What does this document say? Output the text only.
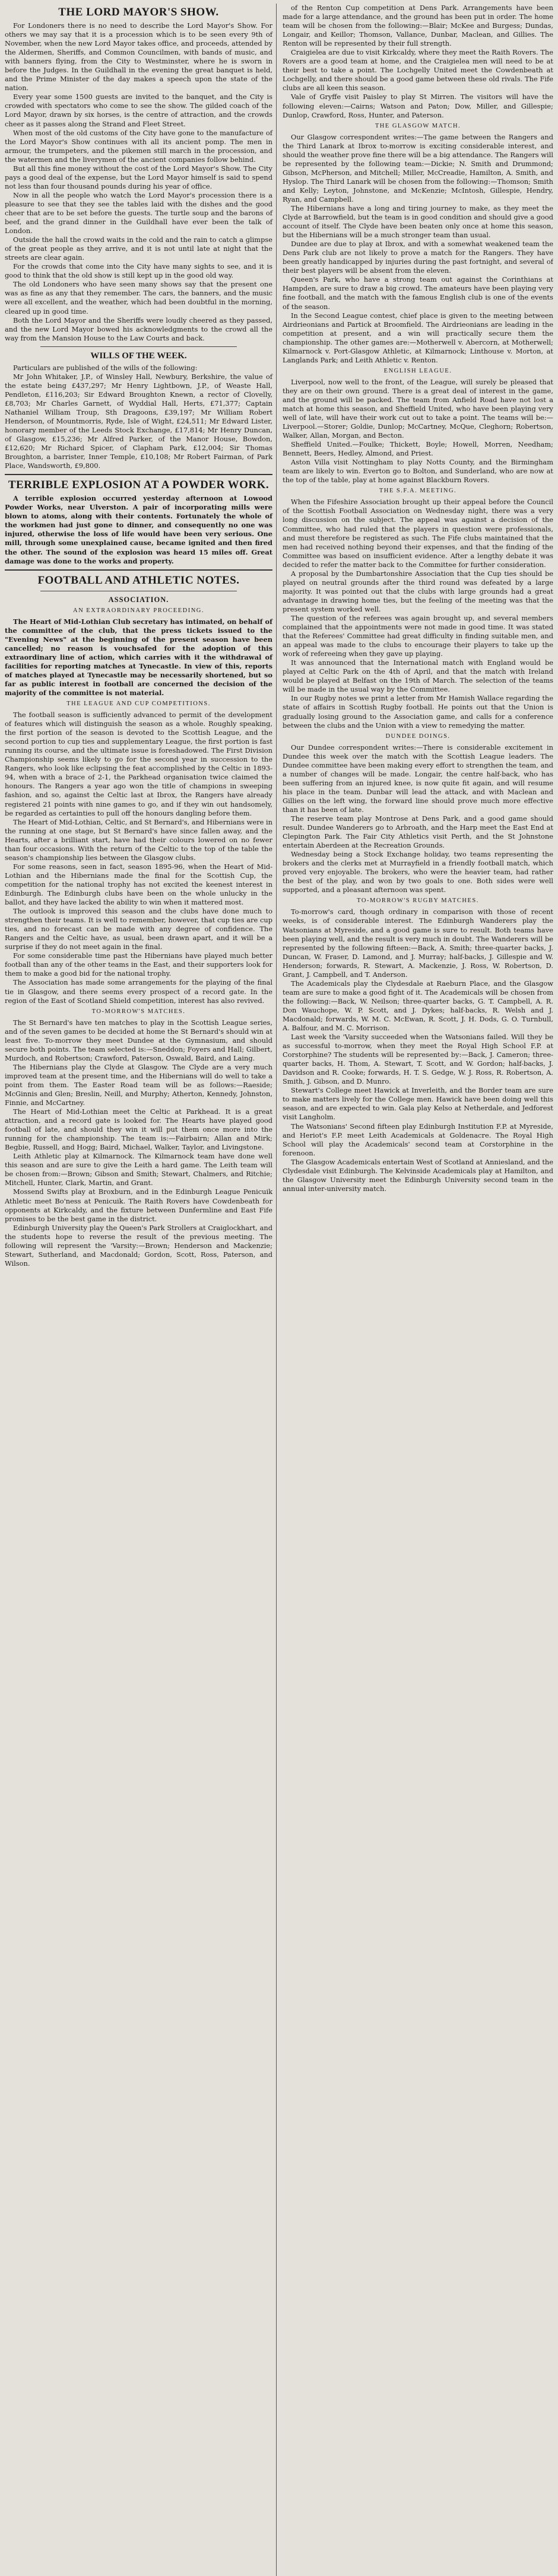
THE LORD MAYOR'S SHOW.

For Londoners there is no need to describe the Lord Mayor's Show. For others we may say that it is a procession which is to be seen every 9th of November, when the new Lord Mayor takes office, and proceeds, attended by the Aldermen, Sheriffs, and Common Councilmen, with bands of music, and with banners flying, from the City to Westminster, where he is sworn in before the Judges. In the Guildhall in the evening the great banquet is held, and the Prime Minister of the day makes a speech upon the state of the nation.

Every year some 1500 guests are invited to the banquet, and the City is crowded with spectators who come to see the show. The gilded coach of the Lord Mayor, drawn by six horses, is the centre of attraction, and the crowds cheer as it passes along the Strand and Fleet Street.

When most of the old customs of the City have gone to the manufacture of the Lord Mayor's Show continues with all its ancient pomp. The men in armour, the trumpeters, and the pikemen still march in the procession, and the watermen and the liverymen of the ancient companies follow behind.

But all this fine money without the cost of the Lord Mayor's Show. The City pays a good deal of the expense, but the Lord Mayor himself is said to spend not less than four thousand pounds during his year of office.

Now in all the people who watch the Lord Mayor's procession there is a pleasure to see that they see the tables laid with the dishes and the good cheer that are to be set before the guests. The turtle soup and the barons of beef, and the grand dinner in the Guildhall have ever been the talk of London.

Outside the hall the crowd waits in the cold and the rain to catch a glimpse of the great people as they arrive, and it is not until late at night that the streets are clear again.

For the crowds that come into the City have many sights to see, and it is good to think that the old show is still kept up in the good old way.

The old Londoners who have seen many shows say that the present one was as fine as any that they remember. The cars, the banners, and the music were all excellent, and the weather, which had been doubtful in the morning, cleared up in good time.

Both the Lord Mayor and the Sheriffs were loudly cheered as they passed, and the new Lord Mayor bowed his acknowledgments to the crowd all the way from the Mansion House to the Law Courts and back.

WILLS OF THE WEEK.

Particulars are published of the wills of the following:

Mr John Whitaker, J.P., of Winsley Hall, Newbury, Berkshire, the value of the estate being £437,297; Mr Henry Lightbown, J.P., of Weaste Hall, Pendleton, £116,203; Sir Edward Broughton Knewn, a rector of Clovelly, £8,703; Mr Charles Garnett, of Wyddial Hall, Herts, £71,377; Captain Nathaniel William Troup, Sth Dragoons, £39,197; Mr William Robert Henderson, of Mountmorris, Ryde, Isle of Wight, £24,511; Mr Edward Lister, honorary member of the Leeds Stock Exchange, £17,814; Mr Henry Duncan, of Glasgow, £15,236; Mr Alfred Parker, of the Manor House, Bowdon, £12,620; Mr Richard Spicer, of Clapham Park, £12,004; Sir Thomas Broughton, a barrister, Inner Temple, £10,108; Mr Robert Fairman, of Park Place, Wandsworth, £9,800.

TERRIBLE EXPLOSION AT A POWDER WORK.

A terrible explosion occurred yesterday afternoon at Lowood Powder Works, near Ulverston. A pair of incorporating mills were blown to atoms, along with their contents. Fortunately the whole of the workmen had just gone to dinner, and consequently no one was injured, otherwise the loss of life would have been very serious. One mill, through some unexplained cause, became ignited and then fired the other. The sound of the explosion was heard 15 miles off. Great damage was done to the works and property.

FOOTBALL AND ATHLETIC NOTES.
ASSOCIATION.
AN EXTRAORDINARY PROCEEDING.

The Heart of Mid-Lothian Club secretary has intimated, on behalf of the committee of the club, that the press tickets issued to the "Evening News" at the beginning of the present season have been cancelled; no reason is vouchsafed for the adoption of this extraordinary line of action, which carries with it the withdrawal of facilities for reporting matches at Tynecastle. In view of this, reports of matches played at Tynecastle may be necessarily shortened, but so far as public interest in football are concerned the decision of the majority of the committee is not material.

THE LEAGUE AND CUP COMPETITIONS.

The football season is sufficiently advanced to permit of the development of features which will distinguish the season as a whole. Roughly speaking, the first portion of the season is devoted to the Scottish League, and the second portion to cup ties and supplementary League, the first portion is fast running its course, and the ultimate issue is foreshadowed. The First Division Championship seems likely to go for the second year in succession to the Rangers, who look like eclipsing the feat accomplished by the Celtic in 1893-94, when with a brace of 2-1, the Parkhead organisation twice claimed the honours. The Rangers a year ago won the title of champions in sweeping fashion, and so, against the Celtic last at Ibrox, the Rangers have already registered 21 points with nine games to go, and if they win out handsomely, be regarded as certainties to pull off the honours dangling before them.

The Heart of Mid-Lothian, Celtic, and St Bernard's, and Hibernians were in the running at one stage, but St Bernard's have since fallen away, and the Hearts, after a brilliant start, have had their colours lowered on no fewer than four occasions. With the return of the Celtic to the top of the table the season's championship lies between the Glasgow clubs.

For some reasons, seen in fact, season 1895-96, when the Heart of Mid-Lothian and the Hibernians made the final for the Scottish Cup, the competition for the national trophy has not excited the keenest interest in Edinburgh. The Edinburgh clubs have been on the whole unlucky in the ballot, and they have lacked the ability to win when it mattered most.

The outlook is improved this season and the clubs have done much to strengthen their teams. It is well to remember, however, that cup ties are cup ties, and no forecast can be made with any degree of confidence. The Rangers and the Celtic have, as usual, been drawn apart, and it will be a surprise if they do not meet again in the final.

For some considerable time past the Hibernians have played much better football than any of the other teams in the East, and their supporters look for them to make a good bid for the national trophy.

The Association has made some arrangements for the playing of the final tie in Glasgow, and there seems every prospect of a record gate. In the region of the East of Scotland Shield competition, interest has also revived.

TO-MORROW'S MATCHES.

The St Bernard's have ten matches to play in the Scottish League series, and of the seven games to be decided at home the St Bernard's should win at least five. To-morrow they meet Dundee at the Gymnasium, and should secure both points. The team selected is:—Sneddon; Foyers and Hall; Gilbert, Murdoch, and Robertson; Crawford, Paterson, Oswald, Baird, and Laing.

The Hibernians play the Clyde at Glasgow. The Clyde are a very much improved team at the present time, and the Hibernians will do well to take a point from them. The Easter Road team will be as follows:—Raeside; McGinnis and Glen; Breslin, Neill, and Murphy; Atherton, Kennedy, Johnston, Finnie, and McCartney.

The Heart of Mid-Lothian meet the Celtic at Parkhead. It is a great attraction, and a record gate is looked for. The Hearts have played good football of late, and should they win it will put them once more into the running for the championship. The team is:—Fairbairn; Allan and Mirk; Begbie, Russell, and Hogg; Baird, Michael, Walker, Taylor, and Livingstone.

Leith Athletic play at Kilmarnock. The Kilmarnock team have done well this season and are sure to give the Leith a hard game. The Leith team will be chosen from:—Brown; Gibson and Smith; Stewart, Chalmers, and Ritchie; Mitchell, Hunter, Clark, Martin, and Grant.

Mossend Swifts play at Broxburn, and in the Edinburgh League Penicuik Athletic meet Bo'ness at Penicuik. The Raith Rovers have Cowdenbeath for opponents at Kirkcaldy, and the fixture between Dunfermline and East Fife promises to be the best game in the district.

Edinburgh University play the Queen's Park Strollers at Craiglockhart, and the students hope to reverse the result of the previous meeting. The following will represent the 'Varsity:—Brown; Henderson and Mackenzie; Stewart, Sutherland, and Macdonald; Gordon, Scott, Ross, Paterson, and Wilson.

of the Renton Cup competition at Dens Park. Arrangements have been made for a large attendance, and the ground has been put in order. The home team will be chosen from the following:—Blair; McKee and Burgess; Dundas, Longair, and Keillor; Thomson, Vallance, Dunbar, Maclean, and Gillies. The Renton will be represented by their full strength.

Craigielea are due to visit Kirkcaldy, where they meet the Raith Rovers. The Rovers are a good team at home, and the Craigielea men will need to be at their best to take a point. The Lochgelly United meet the Cowdenbeath at Lochgelly, and there should be a good game between these old rivals. The Fife clubs are all keen this season.

Vale of Gryffe visit Paisley to play St Mirren. The visitors will have the following eleven:—Cairns; Watson and Paton; Dow, Miller, and Gillespie; Dunlop, Crawford, Ross, Hunter, and Paterson.

THE GLASGOW MATCH.

Our Glasgow correspondent writes:—The game between the Rangers and the Third Lanark at Ibrox to-morrow is exciting considerable interest, and should the weather prove fine there will be a big attendance. The Rangers will be represented by the following team:—Dickie; N. Smith and Drummond; Gibson, McPherson, and Mitchell; Miller, McCreadie, Hamilton, A. Smith, and Hyslop. The Third Lanark will be chosen from the following:—Thomson; Smith and Kelly; Leyton, Johnstone, and McKenzie; McIntosh, Gillespie, Hendry, Ryan, and Campbell.

The Hibernians have a long and tiring journey to make, as they meet the Clyde at Barrowfield, but the team is in good condition and should give a good account of itself. The Clyde have been beaten only once at home this season, but the Hibernians will be a much stronger team than usual.

Dundee are due to play at Ibrox, and with a somewhat weakened team the Dens Park club are not likely to prove a match for the Rangers. They have been greatly handicapped by injuries during the past fortnight, and several of their best players will be absent from the eleven.

Queen's Park, who have a strong team out against the Corinthians at Hampden, are sure to draw a big crowd. The amateurs have been playing very fine football, and the match with the famous English club is one of the events of the season.

In the Second League contest, chief place is given to the meeting between Airdrieonians and Partick at Broomfield. The Airdrieonians are leading in the competition at present, and a win will practically secure them the championship. The other games are:—Motherwell v. Abercorn, at Motherwell; Kilmarnock v. Port-Glasgow Athletic, at Kilmarnock; Linthouse v. Morton, at Langlands Park; and Leith Athletic v. Renton.

ENGLISH LEAGUE.

Liverpool, now well to the front, of the League, will surely be pleased that they are on their own ground. There is a great deal of interest in the game, and the ground will be packed. The team from Anfield Road have not lost a match at home this season, and Sheffield United, who have been playing very well of late, will have their work cut out to take a point. The teams will be:—Liverpool.—Storer; Goldie, Dunlop; McCartney, McQue, Cleghorn; Robertson, Walker, Allan, Morgan, and Becton.

Sheffield United.—Foulke; Thickett, Boyle; Howell, Morren, Needham; Bennett, Beers, Hedley, Almond, and Priest.

Aston Villa visit Nottingham to play Notts County, and the Birmingham team are likely to win. Everton go to Bolton, and Sunderland, who are now at the top of the table, play at home against Blackburn Rovers.

THE S.F.A. MEETING.

When the Fifeshire Association brought up their appeal before the Council of the Scottish Football Association on Wednesday night, there was a very long discussion on the subject. The appeal was against a decision of the Committee, who had ruled that the players in question were professionals, and must therefore be registered as such. The Fife clubs maintained that the men had received nothing beyond their expenses, and that the finding of the Committee was based on insufficient evidence. After a lengthy debate it was decided to refer the matter back to the Committee for further consideration.

A proposal by the Dumbartonshire Association that the Cup ties should be played on neutral grounds after the third round was defeated by a large majority. It was pointed out that the clubs with large grounds had a great advantage in drawing home ties, but the feeling of the meeting was that the present system worked well.

The question of the referees was again brought up, and several members complained that the appointments were not made in good time. It was stated that the Referees' Committee had great difficulty in finding suitable men, and an appeal was made to the clubs to encourage their players to take up the work of refereeing when they gave up playing.

It was announced that the International match with England would be played at Celtic Park on the 4th of April, and that the match with Ireland would be played at Belfast on the 19th of March. The selection of the teams will be made in the usual way by the Committee.

In our Rugby notes we print a letter from Mr Hamish Wallace regarding the state of affairs in Scottish Rugby football. He points out that the Union is gradually losing ground to the Association game, and calls for a conference between the clubs and the Union with a view to remedying the matter.

DUNDEE DOINGS.

Our Dundee correspondent writes:—There is considerable excitement in Dundee this week over the match with the Scottish League leaders. The Dundee committee have been making every effort to strengthen the team, and a number of changes will be made. Longair, the centre half-back, who has been suffering from an injured knee, is now quite fit again, and will resume his place in the team. Dunbar will lead the attack, and with Maclean and Gillies on the left wing, the forward line should prove much more effective than it has been of late.

The reserve team play Montrose at Dens Park, and a good game should result. Dundee Wanderers go to Arbroath, and the Harp meet the East End at Clepington Park. The Fair City Athletics visit Perth, and the St Johnstone entertain Aberdeen at the Recreation Grounds.

Wednesday being a Stock Exchange holiday, two teams representing the brokers and the clerks met at Murrayfield in a friendly football match, which proved very enjoyable. The brokers, who were the heavier team, had rather the best of the play, and won by two goals to one. Both sides were well supported, and a pleasant afternoon was spent.

TO-MORROW'S RUGBY MATCHES.

To-morrow's card, though ordinary in comparison with those of recent weeks, is of considerable interest. The Edinburgh Wanderers play the Watsonians at Myreside, and a good game is sure to result. Both teams have been playing well, and the result is very much in doubt. The Wanderers will be represented by the following fifteen:—Back, A. Smith; three-quarter backs, J. Duncan, W. Fraser, D. Lamond, and J. Murray; half-backs, J. Gillespie and W. Henderson; forwards, R. Stewart, A. Mackenzie, J. Ross, W. Robertson, D. Grant, J. Campbell, and T. Anderson.

The Academicals play the Clydesdale at Raeburn Place, and the Glasgow team are sure to make a good fight of it. The Academicals will be chosen from the following:—Back, W. Neilson; three-quarter backs, G. T. Campbell, A. R. Don Wauchope, W. P. Scott, and J. Dykes; half-backs, R. Welsh and J. Macdonald; forwards, W. M. C. McEwan, R. Scott, J. H. Dods, G. O. Turnbull, A. Balfour, and M. C. Morrison.

Last week the 'Varsity succeeded when the Watsonians failed. Will they be as successful to-morrow, when they meet the Royal High School F.P. at Corstorphine? The students will be represented by:—Back, J. Cameron; three-quarter backs, H. Thom, A. Stewart, T. Scott, and W. Gordon; half-backs, J. Davidson and R. Cooke; forwards, H. T. S. Gedge, W. J. Ross, R. Robertson, A. Smith, J. Gibson, and D. Munro.

Stewart's College meet Hawick at Inverleith, and the Border team are sure to make matters lively for the College men. Hawick have been doing well this season, and are expected to win. Gala play Kelso at Netherdale, and Jedforest visit Langholm.

The Watsonians' Second fifteen play Edinburgh Institution F.P. at Myreside, and Heriot's F.P. meet Leith Academicals at Goldenacre. The Royal High School will play the Academicals' second team at Corstorphine in the forenoon.

The Glasgow Academicals entertain West of Scotland at Anniesland, and the Clydesdale visit Edinburgh. The Kelvinside Academicals play at Hamilton, and the Glasgow University meet the Edinburgh University second team in the annual inter-university match.
